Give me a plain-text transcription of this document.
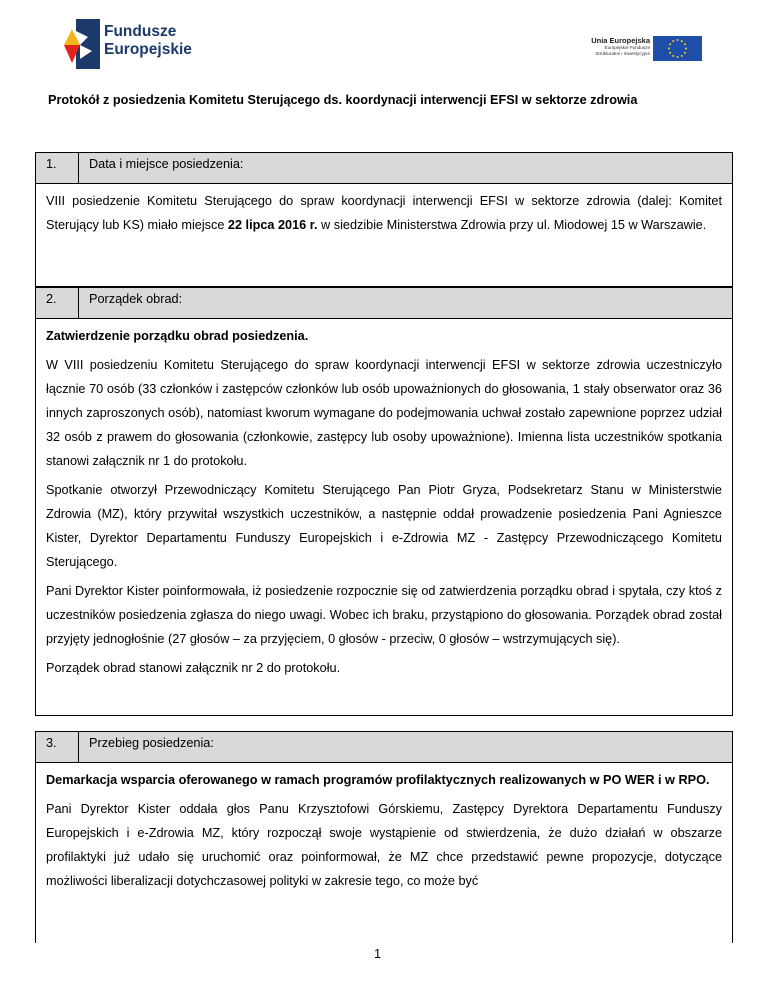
Fundusze
Europejskie
Unia Europejska
Europejskie Fundusze
Strukturalne i Inwestycyjne
Protokół z posiedzenia Komitetu Sterującego ds. koordynacji interwencji EFSI w sektorze zdrowia
1.	Data i miejsce posiedzenia:

VIII posiedzenie Komitetu Sterującego do spraw koordynacji interwencji EFSI w sektorze zdrowia (dalej: Komitet Sterujący lub KS) miało miejsce 22 lipca 2016 r. w siedzibie Ministerstwa Zdrowia przy ul. Miodowej 15 w Warszawie.

2.	Porządek obrad:

Zatwierdzenie porządku obrad posiedzenia.

W VIII posiedzeniu Komitetu Sterującego do spraw koordynacji interwencji EFSI w sektorze zdrowia uczestniczyło łącznie 70 osób (33 członków i zastępców członków lub osób upoważnionych do głosowania, 1 stały obserwator oraz 36 innych zaproszonych osób), natomiast kworum wymagane do podejmowania uchwał zostało zapewnione poprzez udział 32 osób z prawem do głosowania (członkowie, zastępcy lub osoby upoważnione). Imienna lista uczestników spotkania stanowi załącznik nr 1 do protokołu.

Spotkanie otworzył Przewodniczący Komitetu Sterującego Pan Piotr Gryza, Podsekretarz Stanu w Ministerstwie Zdrowia (MZ), który przywitał wszystkich uczestników, a następnie oddał prowadzenie posiedzenia Pani Agnieszce Kister, Dyrektor Departamentu Funduszy Europejskich i e-Zdrowia MZ - Zastępcy Przewodniczącego Komitetu Sterującego.

Pani Dyrektor Kister poinformowała, iż posiedzenie rozpocznie się od zatwierdzenia porządku obrad i spytała, czy ktoś z uczestników posiedzenia zgłasza do niego uwagi. Wobec ich braku, przystąpiono do głosowania. Porządek obrad został przyjęty jednogłośnie (27 głosów – za przyjęciem, 0 głosów - przeciw, 0 głosów – wstrzymujących się).

Porządek obrad stanowi załącznik nr 2 do protokołu.

3.	Przebieg posiedzenia:

Demarkacja wsparcia oferowanego w ramach programów profilaktycznych realizowanych w PO WER i w RPO.

Pani Dyrektor Kister oddała głos Panu Krzysztofowi Górskiemu, Zastępcy Dyrektora Departamentu Funduszy Europejskich i e-Zdrowia MZ, który rozpoczął swoje wystąpienie od stwierdzenia, że dużo działań w obszarze profilaktyki już udało się uruchomić oraz poinformował, że MZ chce przedstawić pewne propozycje, dotyczące możliwości liberalizacji dotychczasowej polityki w zakresie tego, co może być

1
